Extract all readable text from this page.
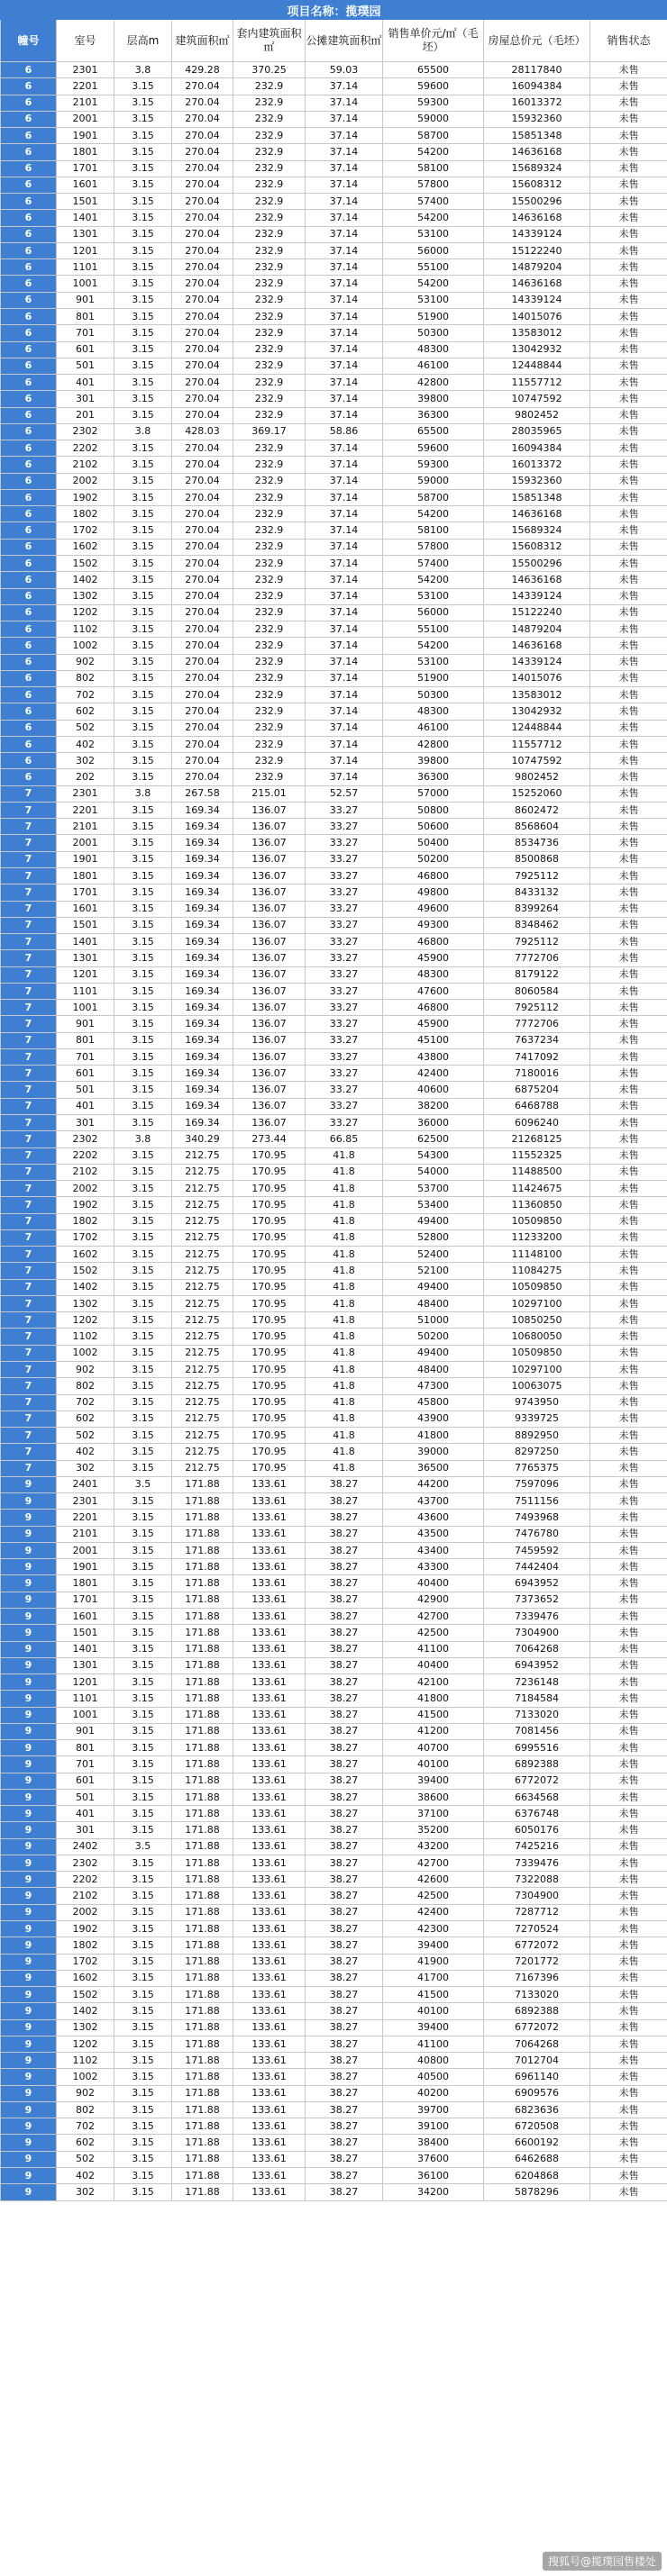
项目名称：揽璞园								
幢号	室号	层高m	建筑面积㎡	套内建筑面积㎡	公摊建筑面积㎡	销售单价元/㎡（毛坯）	房屋总价元（毛坯）	销售状态
6	2301	3.8	429.28	370.25	59.03	65500	28117840	未售
6	2201	3.15	270.04	232.9	37.14	59600	16094384	未售
6	2101	3.15	270.04	232.9	37.14	59300	16013372	未售
6	2001	3.15	270.04	232.9	37.14	59000	15932360	未售
6	1901	3.15	270.04	232.9	37.14	58700	15851348	未售
6	1801	3.15	270.04	232.9	37.14	54200	14636168	未售
6	1701	3.15	270.04	232.9	37.14	58100	15689324	未售
6	1601	3.15	270.04	232.9	37.14	57800	15608312	未售
6	1501	3.15	270.04	232.9	37.14	57400	15500296	未售
6	1401	3.15	270.04	232.9	37.14	54200	14636168	未售
6	1301	3.15	270.04	232.9	37.14	53100	14339124	未售
6	1201	3.15	270.04	232.9	37.14	56000	15122240	未售
6	1101	3.15	270.04	232.9	37.14	55100	14879204	未售
6	1001	3.15	270.04	232.9	37.14	54200	14636168	未售
6	901	3.15	270.04	232.9	37.14	53100	14339124	未售
6	801	3.15	270.04	232.9	37.14	51900	14015076	未售
6	701	3.15	270.04	232.9	37.14	50300	13583012	未售
6	601	3.15	270.04	232.9	37.14	48300	13042932	未售
6	501	3.15	270.04	232.9	37.14	46100	12448844	未售
6	401	3.15	270.04	232.9	37.14	42800	11557712	未售
6	301	3.15	270.04	232.9	37.14	39800	10747592	未售
6	201	3.15	270.04	232.9	37.14	36300	9802452	未售
6	2302	3.8	428.03	369.17	58.86	65500	28035965	未售
6	2202	3.15	270.04	232.9	37.14	59600	16094384	未售
6	2102	3.15	270.04	232.9	37.14	59300	16013372	未售
6	2002	3.15	270.04	232.9	37.14	59000	15932360	未售
6	1902	3.15	270.04	232.9	37.14	58700	15851348	未售
6	1802	3.15	270.04	232.9	37.14	54200	14636168	未售
6	1702	3.15	270.04	232.9	37.14	58100	15689324	未售
6	1602	3.15	270.04	232.9	37.14	57800	15608312	未售
6	1502	3.15	270.04	232.9	37.14	57400	15500296	未售
6	1402	3.15	270.04	232.9	37.14	54200	14636168	未售
6	1302	3.15	270.04	232.9	37.14	53100	14339124	未售
6	1202	3.15	270.04	232.9	37.14	56000	15122240	未售
6	1102	3.15	270.04	232.9	37.14	55100	14879204	未售
6	1002	3.15	270.04	232.9	37.14	54200	14636168	未售
6	902	3.15	270.04	232.9	37.14	53100	14339124	未售
6	802	3.15	270.04	232.9	37.14	51900	14015076	未售
6	702	3.15	270.04	232.9	37.14	50300	13583012	未售
6	602	3.15	270.04	232.9	37.14	48300	13042932	未售
6	502	3.15	270.04	232.9	37.14	46100	12448844	未售
6	402	3.15	270.04	232.9	37.14	42800	11557712	未售
6	302	3.15	270.04	232.9	37.14	39800	10747592	未售
6	202	3.15	270.04	232.9	37.14	36300	9802452	未售
7	2301	3.8	267.58	215.01	52.57	57000	15252060	未售
7	2201	3.15	169.34	136.07	33.27	50800	8602472	未售
7	2101	3.15	169.34	136.07	33.27	50600	8568604	未售
7	2001	3.15	169.34	136.07	33.27	50400	8534736	未售
7	1901	3.15	169.34	136.07	33.27	50200	8500868	未售
7	1801	3.15	169.34	136.07	33.27	46800	7925112	未售
7	1701	3.15	169.34	136.07	33.27	49800	8433132	未售
7	1601	3.15	169.34	136.07	33.27	49600	8399264	未售
7	1501	3.15	169.34	136.07	33.27	49300	8348462	未售
7	1401	3.15	169.34	136.07	33.27	46800	7925112	未售
7	1301	3.15	169.34	136.07	33.27	45900	7772706	未售
7	1201	3.15	169.34	136.07	33.27	48300	8179122	未售
7	1101	3.15	169.34	136.07	33.27	47600	8060584	未售
7	1001	3.15	169.34	136.07	33.27	46800	7925112	未售
7	901	3.15	169.34	136.07	33.27	45900	7772706	未售
7	801	3.15	169.34	136.07	33.27	45100	7637234	未售
7	701	3.15	169.34	136.07	33.27	43800	7417092	未售
7	601	3.15	169.34	136.07	33.27	42400	7180016	未售
7	501	3.15	169.34	136.07	33.27	40600	6875204	未售
7	401	3.15	169.34	136.07	33.27	38200	6468788	未售
7	301	3.15	169.34	136.07	33.27	36000	6096240	未售
7	2302	3.8	340.29	273.44	66.85	62500	21268125	未售
7	2202	3.15	212.75	170.95	41.8	54300	11552325	未售
7	2102	3.15	212.75	170.95	41.8	54000	11488500	未售
7	2002	3.15	212.75	170.95	41.8	53700	11424675	未售
7	1902	3.15	212.75	170.95	41.8	53400	11360850	未售
7	1802	3.15	212.75	170.95	41.8	49400	10509850	未售
7	1702	3.15	212.75	170.95	41.8	52800	11233200	未售
7	1602	3.15	212.75	170.95	41.8	52400	11148100	未售
7	1502	3.15	212.75	170.95	41.8	52100	11084275	未售
7	1402	3.15	212.75	170.95	41.8	49400	10509850	未售
7	1302	3.15	212.75	170.95	41.8	48400	10297100	未售
7	1202	3.15	212.75	170.95	41.8	51000	10850250	未售
7	1102	3.15	212.75	170.95	41.8	50200	10680050	未售
7	1002	3.15	212.75	170.95	41.8	49400	10509850	未售
7	902	3.15	212.75	170.95	41.8	48400	10297100	未售
7	802	3.15	212.75	170.95	41.8	47300	10063075	未售
7	702	3.15	212.75	170.95	41.8	45800	9743950	未售
7	602	3.15	212.75	170.95	41.8	43900	9339725	未售
7	502	3.15	212.75	170.95	41.8	41800	8892950	未售
7	402	3.15	212.75	170.95	41.8	39000	8297250	未售
7	302	3.15	212.75	170.95	41.8	36500	7765375	未售
9	2401	3.5	171.88	133.61	38.27	44200	7597096	未售
9	2301	3.15	171.88	133.61	38.27	43700	7511156	未售
9	2201	3.15	171.88	133.61	38.27	43600	7493968	未售
9	2101	3.15	171.88	133.61	38.27	43500	7476780	未售
9	2001	3.15	171.88	133.61	38.27	43400	7459592	未售
9	1901	3.15	171.88	133.61	38.27	43300	7442404	未售
9	1801	3.15	171.88	133.61	38.27	40400	6943952	未售
9	1701	3.15	171.88	133.61	38.27	42900	7373652	未售
9	1601	3.15	171.88	133.61	38.27	42700	7339476	未售
9	1501	3.15	171.88	133.61	38.27	42500	7304900	未售
9	1401	3.15	171.88	133.61	38.27	41100	7064268	未售
9	1301	3.15	171.88	133.61	38.27	40400	6943952	未售
9	1201	3.15	171.88	133.61	38.27	42100	7236148	未售
9	1101	3.15	171.88	133.61	38.27	41800	7184584	未售
9	1001	3.15	171.88	133.61	38.27	41500	7133020	未售
9	901	3.15	171.88	133.61	38.27	41200	7081456	未售
9	801	3.15	171.88	133.61	38.27	40700	6995516	未售
9	701	3.15	171.88	133.61	38.27	40100	6892388	未售
9	601	3.15	171.88	133.61	38.27	39400	6772072	未售
9	501	3.15	171.88	133.61	38.27	38600	6634568	未售
9	401	3.15	171.88	133.61	38.27	37100	6376748	未售
9	301	3.15	171.88	133.61	38.27	35200	6050176	未售
9	2402	3.5	171.88	133.61	38.27	43200	7425216	未售
9	2302	3.15	171.88	133.61	38.27	42700	7339476	未售
9	2202	3.15	171.88	133.61	38.27	42600	7322088	未售
9	2102	3.15	171.88	133.61	38.27	42500	7304900	未售
9	2002	3.15	171.88	133.61	38.27	42400	7287712	未售
9	1902	3.15	171.88	133.61	38.27	42300	7270524	未售
9	1802	3.15	171.88	133.61	38.27	39400	6772072	未售
9	1702	3.15	171.88	133.61	38.27	41900	7201772	未售
9	1602	3.15	171.88	133.61	38.27	41700	7167396	未售
9	1502	3.15	171.88	133.61	38.27	41500	7133020	未售
9	1402	3.15	171.88	133.61	38.27	40100	6892388	未售
9	1302	3.15	171.88	133.61	38.27	39400	6772072	未售
9	1202	3.15	171.88	133.61	38.27	41100	7064268	未售
9	1102	3.15	171.88	133.61	38.27	40800	7012704	未售
9	1002	3.15	171.88	133.61	38.27	40500	6961140	未售
9	902	3.15	171.88	133.61	38.27	40200	6909576	未售
9	802	3.15	171.88	133.61	38.27	39700	6823636	未售
9	702	3.15	171.88	133.61	38.27	39100	6720508	未售
9	602	3.15	171.88	133.61	38.27	38400	6600192	未售
9	502	3.15	171.88	133.61	38.27	37600	6462688	未售
9	402	3.15	171.88	133.61	38.27	36100	6204868	未售
9	302	3.15	171.88	133.61	38.27	34200	5878296	未售
搜狐号@揽璞园售楼处
